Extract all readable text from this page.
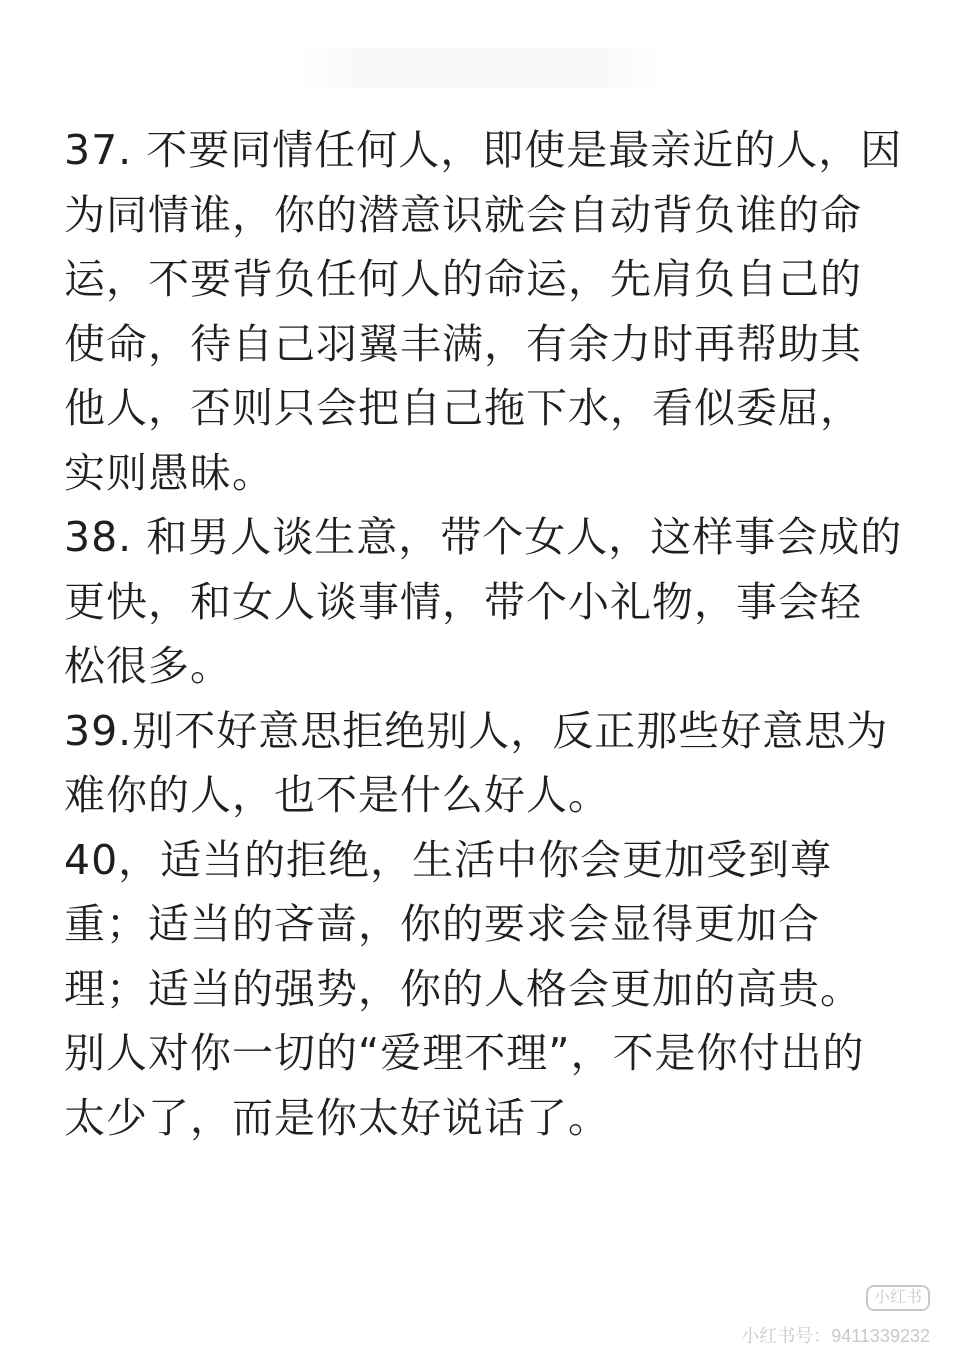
37. 不要同情任何人，即使是最亲近的人，因
为同情谁，你的潜意识就会自动背负谁的命
运，不要背负任何人的命运，先肩负自己的
使命，待自己羽翼丰满，有余力时再帮助其
他人，否则只会把自己拖下水，看似委屈，
实则愚昧。
38. 和男人谈生意，带个女人，这样事会成的
更快，和女人谈事情，带个小礼物，事会轻
松很多。
39.别不好意思拒绝别人，反正那些好意思为
难你的人，也不是什么好人。
40，适当的拒绝，生活中你会更加受到尊
重；适当的吝啬，你的要求会显得更加合
理；适当的强势，你的人格会更加的高贵。
别人对你一切的“爱理不理”，不是你付出的
太少了，而是你太好说话了。
小红书
小红书号：9411339232
